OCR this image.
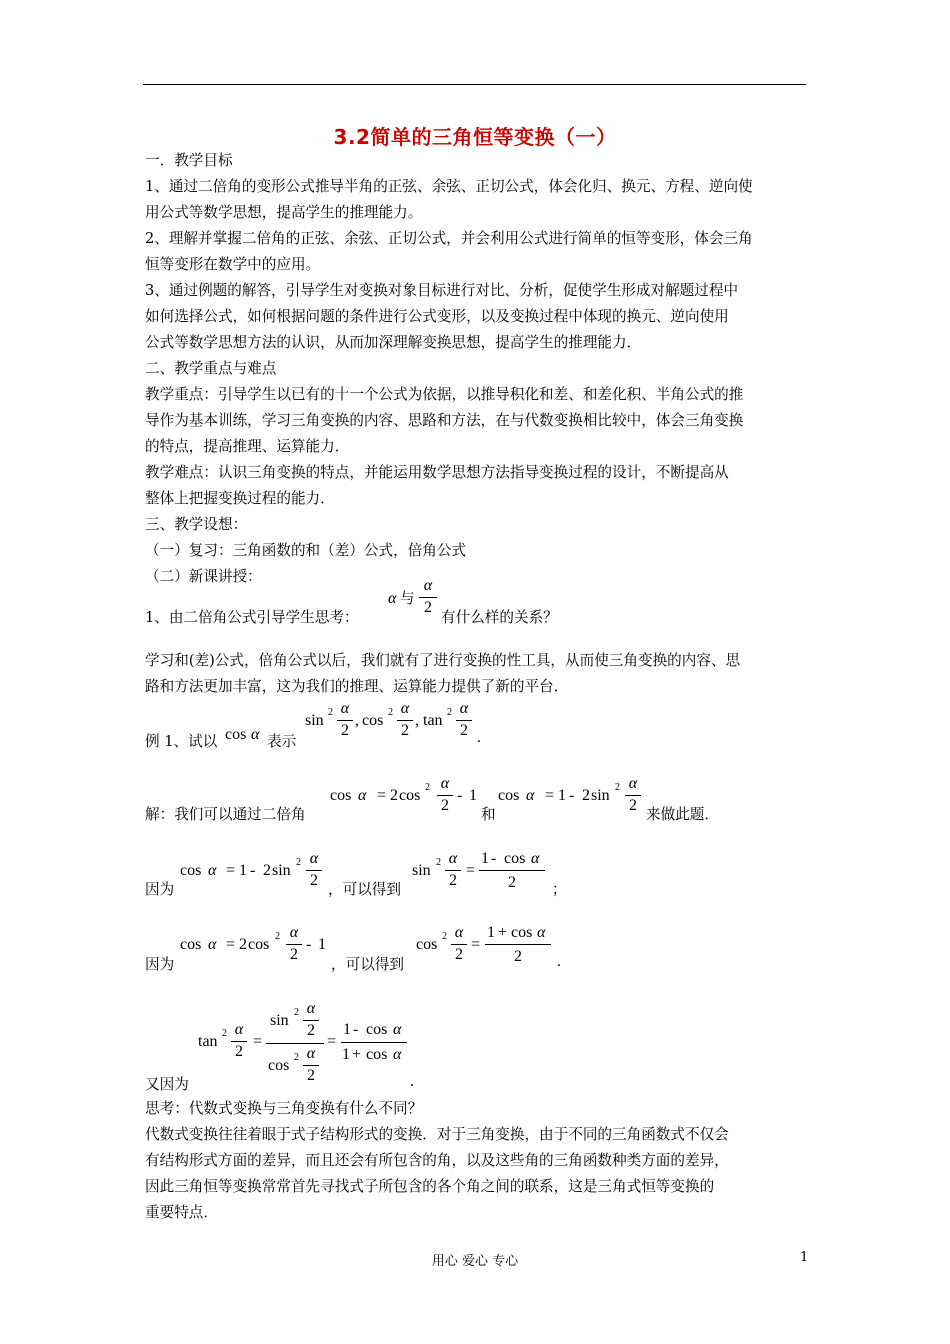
3.2简单的三角恒等变换（一）
一．教学目标
1、通过二倍角的变形公式推导半角的正弦、余弦、正切公式，体会化归、换元、方程、逆向使
用公式等数学思想，提高学生的推理能力。
2、理解并掌握二倍角的正弦、余弦、正切公式，并会利用公式进行简单的恒等变形，体会三角
恒等变形在数学中的应用。
3、通过例题的解答，引导学生对变换对象目标进行对比、分析，促使学生形成对解题过程中
如何选择公式，如何根据问题的条件进行公式变形，以及变换过程中体现的换元、逆向使用
公式等数学思想方法的认识，从而加深理解变换思想，提高学生的推理能力．
二、教学重点与难点
教学重点：引导学生以已有的十一个公式为依据，以推导积化和差、和差化积、半角公式的推
导作为基本训练，学习三角变换的内容、思路和方法，在与代数变换相比较中，体会三角变换
的特点，提高推理、运算能力．
教学难点：认识三角变换的特点，并能运用数学思想方法指导变换过程的设计，不断提高从
整体上把握变换过程的能力．
三、教学设想：
（一）复习：三角函数的和（差）公式，倍角公式
（二）新课讲授：
1、由二倍角公式引导学生思考：
α 与
α
2
有什么样的关系？
学习和(差)公式，倍角公式以后，我们就有了进行变换的性工具，从而使三角变换的内容、思
路和方法更加丰富，这为我们的推理、运算能力提供了新的平台．
例 1、试以 cos α 表示
sin 2 α
2
, cos 2 α
2
, tan 2 α
2 .
解：我们可以通过二倍角
cos α = 2 cos 2 α
2
- 1
和
cos α = 1 - 2 sin 2 α
2
来做此题．
因为
cos α = 1 - 2 sin 2 α
2
，可以得到
sin 2 α
2
=
1 - cos α
2	；
因为
cos α = 2 cos 2 α
2
- 1
，可以得到
cos 2 α
2
=
1 + cos α
2	.
tan 2 α
2
=
sin 2 α
2
cos 2 α
2
=
1 - cos α
1 + cos α
又因为	.
思考：代数式变换与三角变换有什么不同？
代数式变换往往着眼于式子结构形式的变换．对于三角变换，由于不同的三角函数式不仅会
有结构形式方面的差异，而且还会有所包含的角，以及这些角的三角函数种类方面的差异，
因此三角恒等变换常常首先寻找式子所包含的各个角之间的联系，这是三角式恒等变换的
重要特点．
用心 爱心 专心	1
